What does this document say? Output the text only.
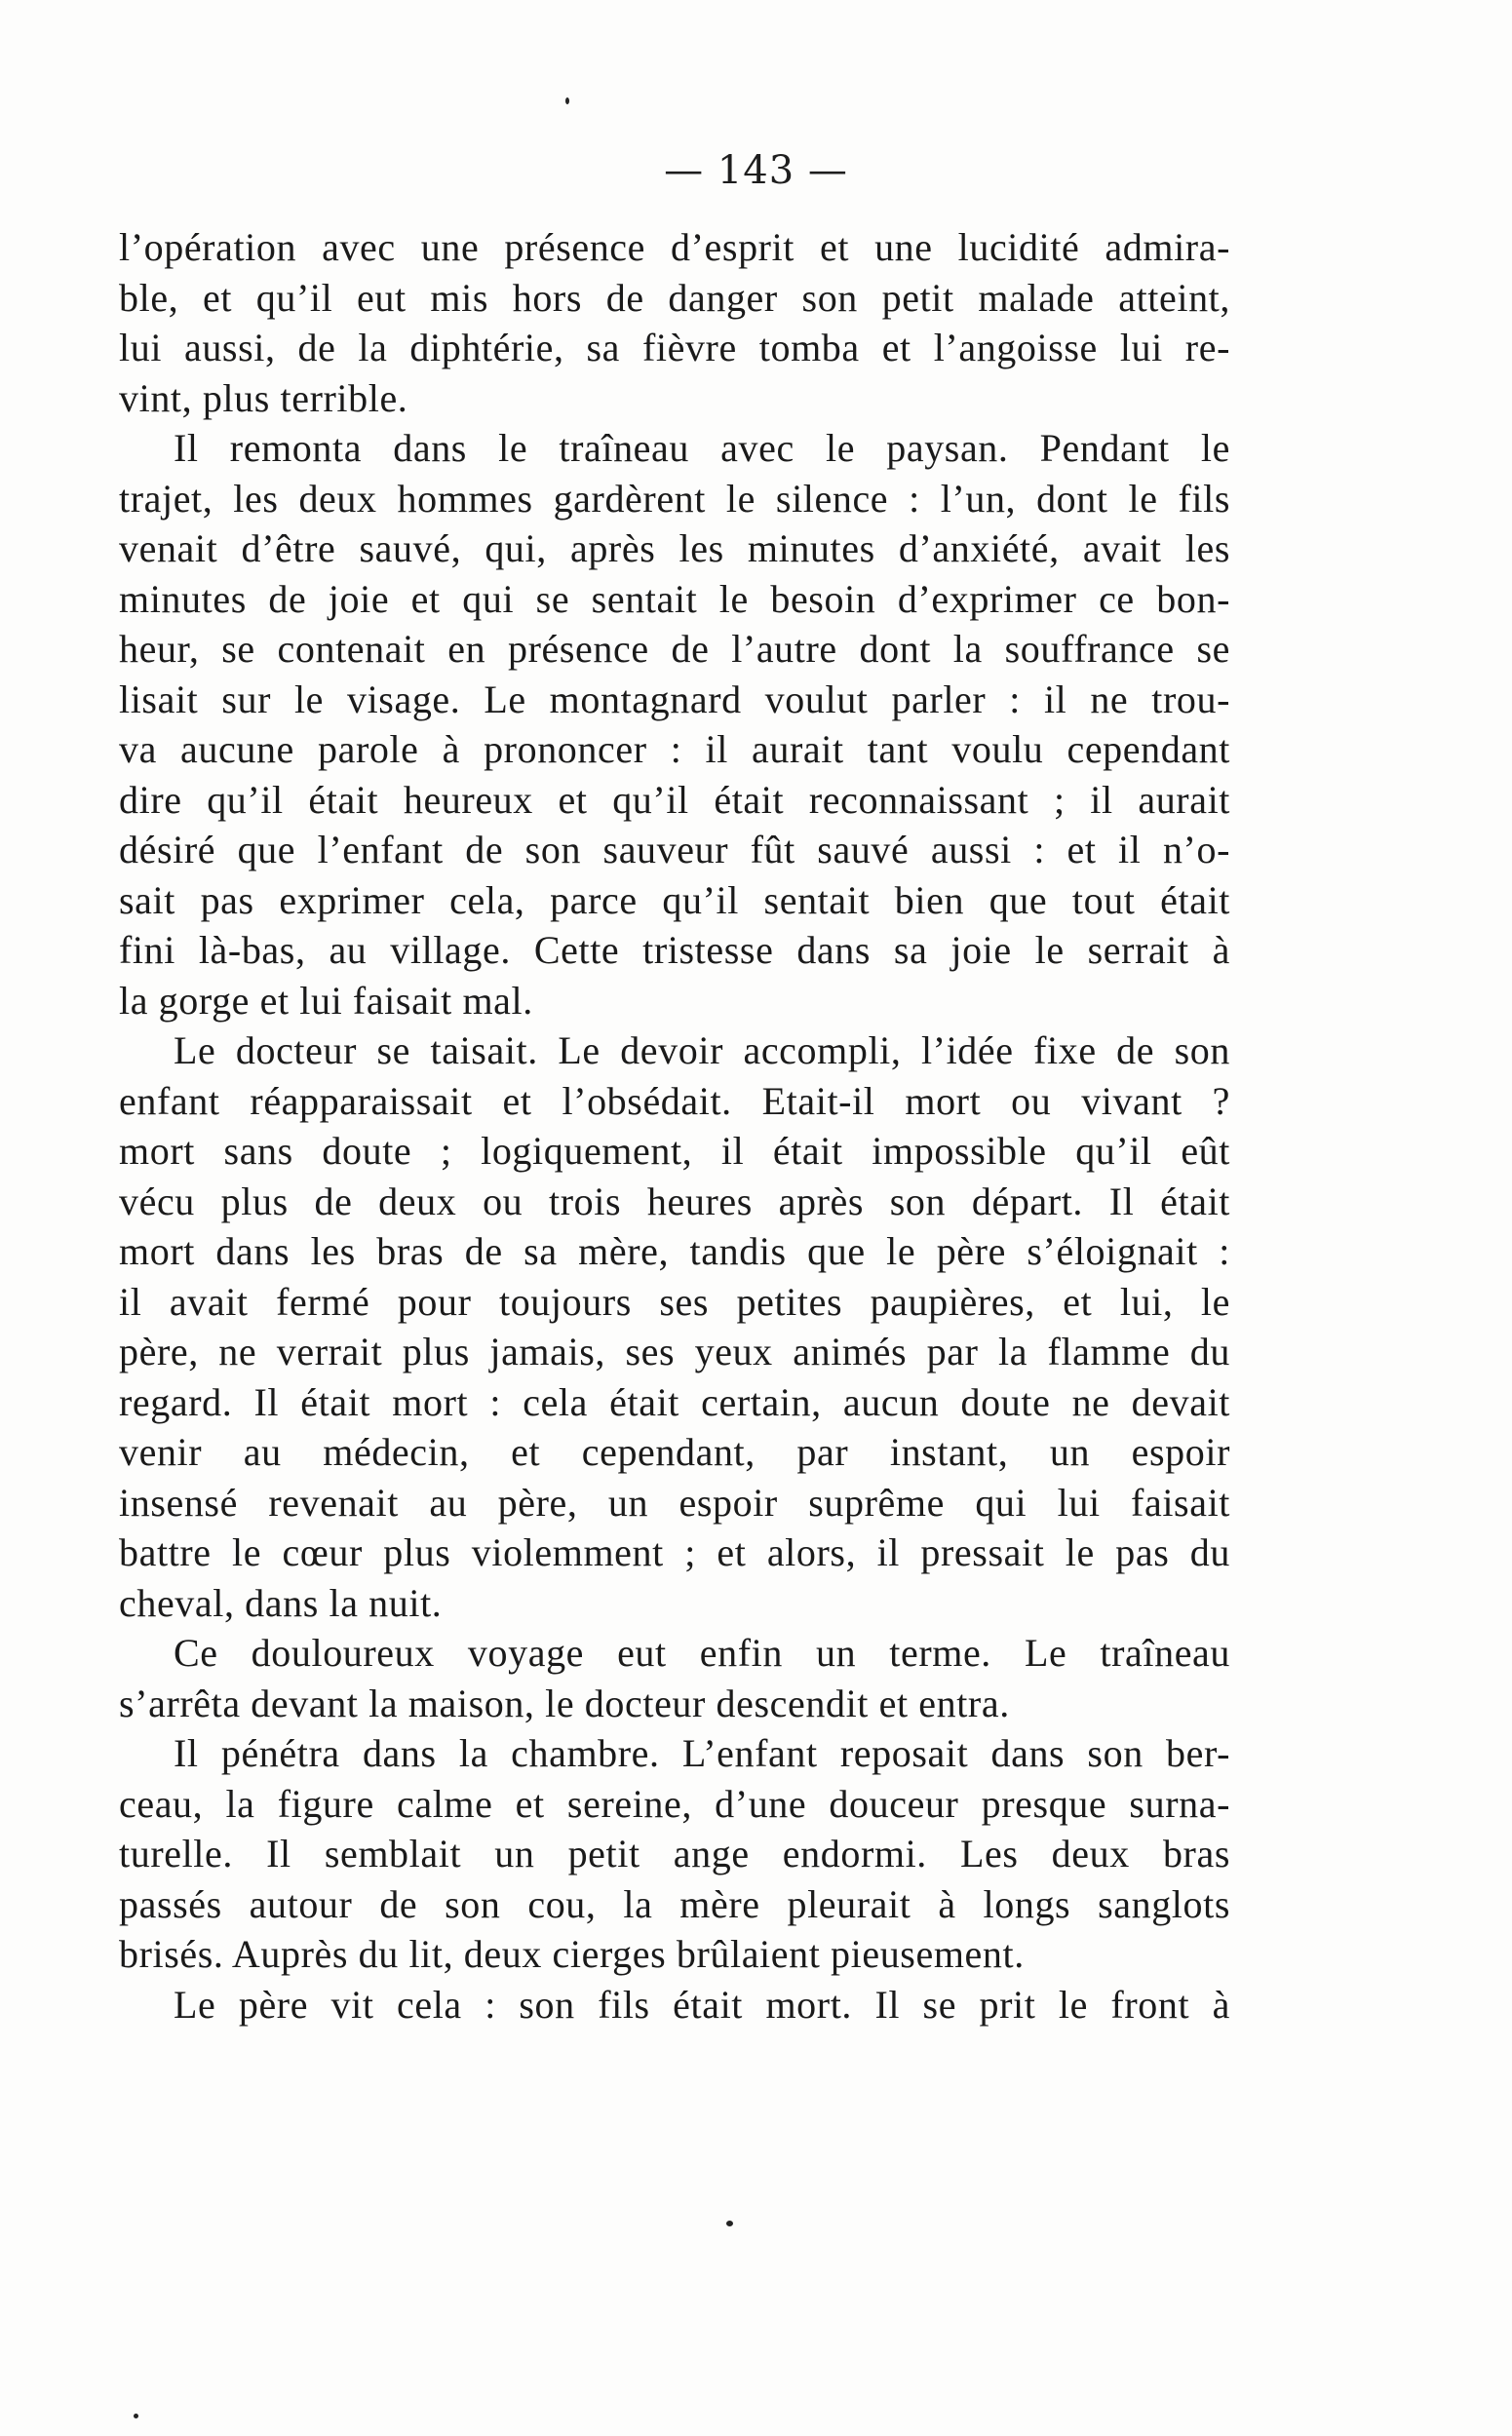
— 143 —
l’opération avec une présence d’esprit et une lucidité admira-
ble, et qu’il eut mis hors de danger son petit malade atteint,
lui aussi, de la diphtérie, sa fièvre tomba et l’angoisse lui re-
vint, plus terrible.
Il remonta dans le traîneau avec le paysan. Pendant le
trajet, les deux hommes gardèrent le silence : l’un, dont le fils
venait d’être sauvé, qui, après les minutes d’anxiété, avait les
minutes de joie et qui se sentait le besoin d’exprimer ce bon-
heur, se contenait en présence de l’autre dont la souffrance se
lisait sur le visage. Le montagnard voulut parler : il ne trou-
va aucune parole à prononcer : il aurait tant voulu cependant
dire qu’il était heureux et qu’il était reconnaissant ; il aurait
désiré que l’enfant de son sauveur fût sauvé aussi : et il n’o-
sait pas exprimer cela, parce qu’il sentait bien que tout était
fini là-bas, au village. Cette tristesse dans sa joie le serrait à
la gorge et lui faisait mal.
Le docteur se taisait. Le devoir accompli, l’idée fixe de son
enfant réapparaissait et l’obsédait. Etait-il mort ou vivant ?
mort sans doute ; logiquement, il était impossible qu’il eût
vécu plus de deux ou trois heures après son départ. Il était
mort dans les bras de sa mère, tandis que le père s’éloignait :
il avait fermé pour toujours ses petites paupières, et lui, le
père, ne verrait plus jamais, ses yeux animés par la flamme du
regard. Il était mort : cela était certain, aucun doute ne devait
venir au médecin, et cependant, par instant, un espoir
insensé revenait au père, un espoir suprême qui lui faisait
battre le cœur plus violemment ; et alors, il pressait le pas du
cheval, dans la nuit.
Ce douloureux voyage eut enfin un terme. Le traîneau
s’arrêta devant la maison, le docteur descendit et entra.
Il pénétra dans la chambre. L’enfant reposait dans son ber-
ceau, la figure calme et sereine, d’une douceur presque surna-
turelle. Il semblait un petit ange endormi. Les deux bras
passés autour de son cou, la mère pleurait à longs sanglots
brisés. Auprès du lit, deux cierges brûlaient pieusement.
Le père vit cela : son fils était mort. Il se prit le front à
